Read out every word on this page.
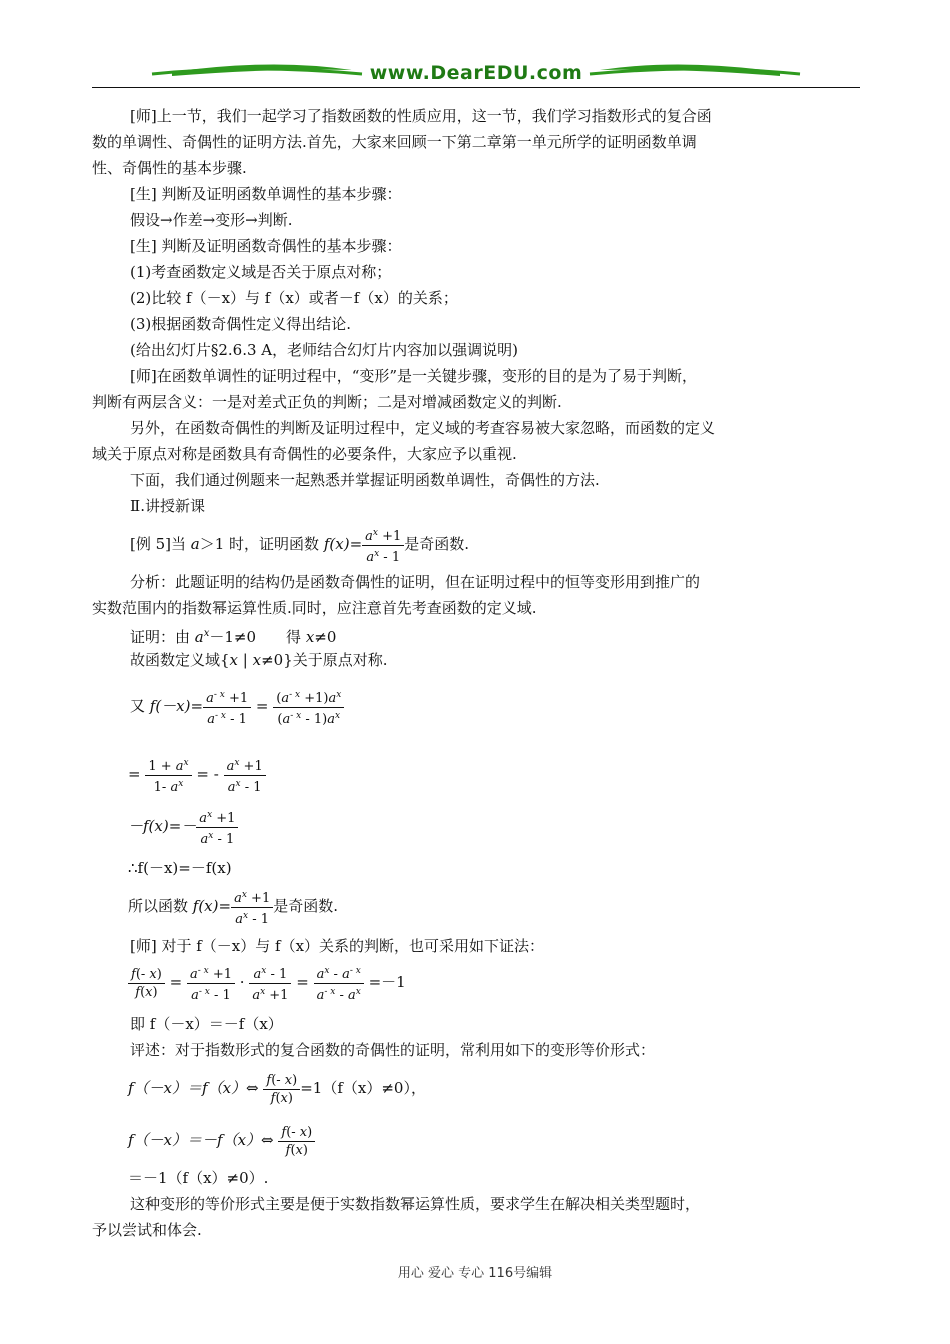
www.DearEDU.com
[师]上一节，我们一起学习了指数函数的性质应用，这一节，我们学习指数形式的复合函
数的单调性、奇偶性的证明方法.首先，大家来回顾一下第二章第一单元所学的证明函数单调
性、奇偶性的基本步骤.
[生] 判断及证明函数单调性的基本步骤：
假设→作差→变形→判断.
[生] 判断及证明函数奇偶性的基本步骤：
(1)考查函数定义域是否关于原点对称；
(2)比较 f（－x）与 f（x）或者－f（x）的关系；
(3)根据函数奇偶性定义得出结论.
(给出幻灯片§2.6.3 A，老师结合幻灯片内容加以强调说明)
[师]在函数单调性的证明过程中，“变形”是一关键步骤，变形的目的是为了易于判断，
判断有两层含义：一是对差式正负的判断；二是对增减函数定义的判断.
另外，在函数奇偶性的判断及证明过程中，定义域的考查容易被大家忽略，而函数的定义
域关于原点对称是函数具有奇偶性的必要条件，大家应予以重视.
下面，我们通过例题来一起熟悉并掌握证明函数单调性，奇偶性的方法.
Ⅱ.讲授新课
[例 5]当 a＞1 时，证明函数 $f(x)= \frac{a^x +1}{a^x - 1}$ 是奇函数.
分析：此题证明的结构仍是函数奇偶性的证明，但在证明过程中的恒等变形用到推广的
实数范围内的指数幂运算性质.同时，应注意首先考查函数的定义域.
证明：由 $a^x-1\ne 0$　　得 x≠0
故函数定义域{x | x≠0}关于原点对称.
又 $f(-x)= \frac{a^{- x} +1}{a^{- x} - 1} = \frac{(a^{- x} +1)a^x}{(a^{- x} - 1)a^x}$
= $\frac{1 + a^x}{1- a^x}$ = - $\frac{a^x +1}{a^x - 1}$
$-f(x)=- \frac{a^x +1}{a^x - 1}$
∴f(－x)=－f(x)
所以函数 $f(x)= \frac{a^x +1}{a^x - 1}$ 是奇函数.
[师] 对于 f（－x）与 f（x）关系的判断，也可采用如下证法：
$\frac{f(- x)}{f(x)} = \frac{a^{- x} +1}{a^{- x} - 1} \cdot \frac{a^x - 1}{a^x +1} = \frac{a^x - a^{- x}}{a^{- x} - a^x} =-1$
即 f（－x）＝－f（x）
评述：对于指数形式的复合函数的奇偶性的证明，常利用如下的变形等价形式：
f（－x）＝f（x）⇔ $\frac{f(- x)}{f(x)} =1(f(x)\ne 0)$，
f（－x）＝－f（x）⇔ $\frac{f(- x)}{f(x)}$
＝－1（f（x）≠0）.
这种变形的等价形式主要是便于实数指数幂运算性质，要求学生在解决相关类型题时，
予以尝试和体会.
用心 爱心 专心 116号编辑
